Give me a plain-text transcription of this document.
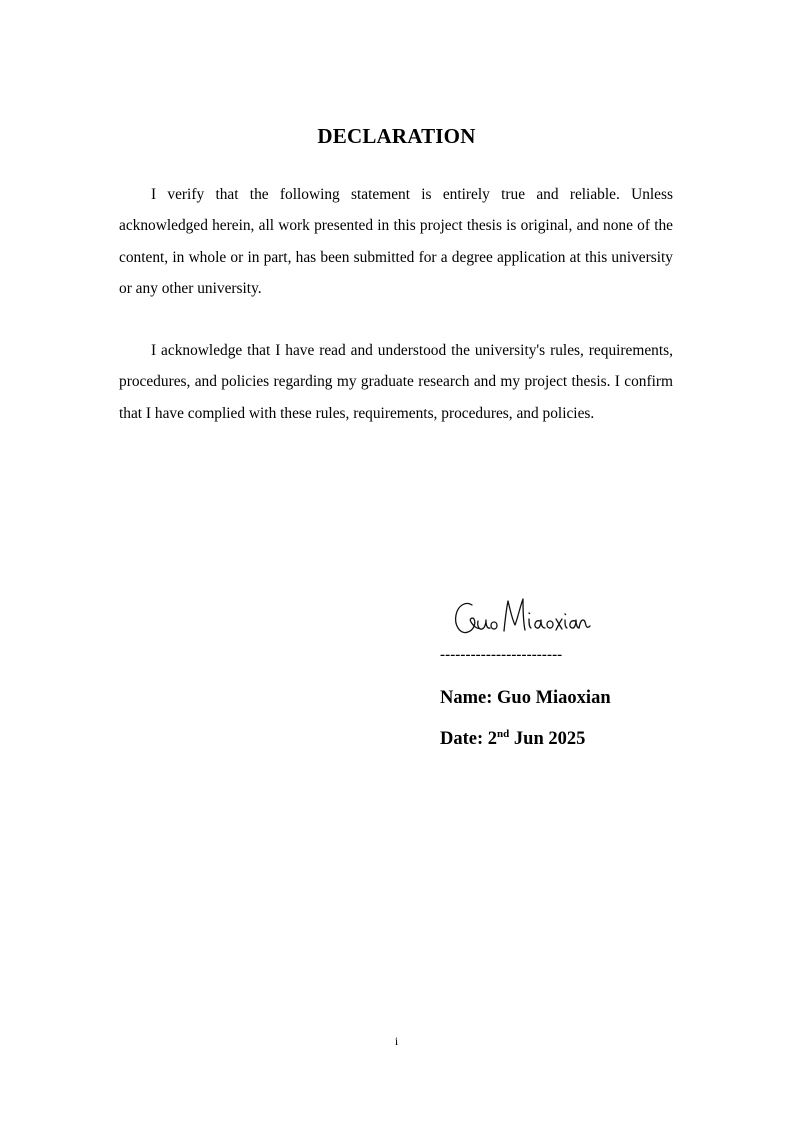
DECLARATION

I verify that the following statement is entirely true and reliable. Unless acknowledged herein, all work presented in this project thesis is original, and none of the content, in whole or in part, has been submitted for a degree application at this university or any other university.

I acknowledge that I have read and understood the university's rules, requirements, procedures, and policies regarding my graduate research and my project thesis. I confirm that I have complied with these rules, requirements, procedures, and policies.

------------------------
Name: Guo Miaoxian
Date: 2nd Jun 2025
i
